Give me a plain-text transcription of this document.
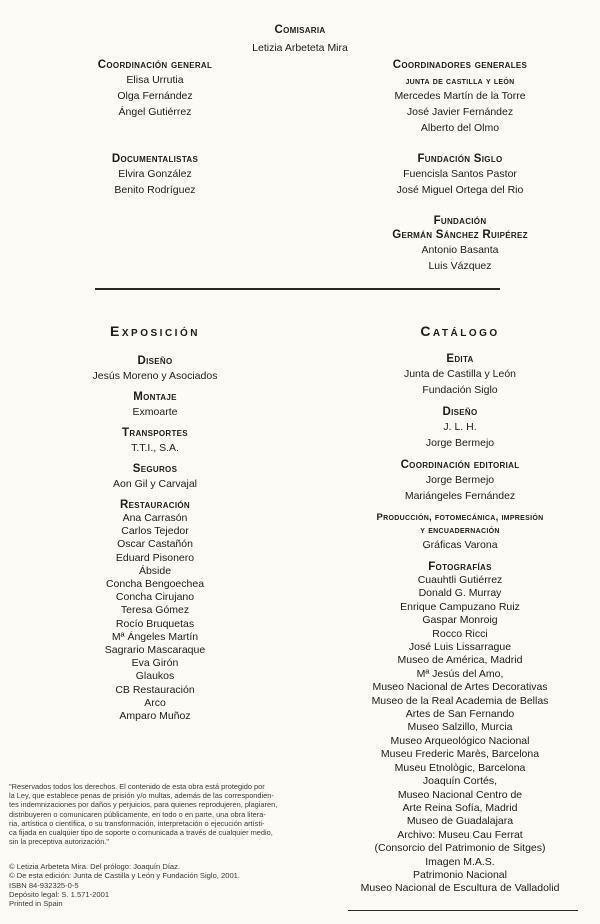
Comisaria
Letizia Arbeteta Mira
Coordinación general
Elisa Urrutia
Olga Fernández
Ángel Gutiérrez
Documentalistas
Elvira González
Benito Rodríguez
Coordinadores generales
junta de castilla y león
Mercedes Martín de la Torre
José Javier Fernández
Alberto del Olmo
Fundación Siglo
Fuencisla Santos Pastor
José Miguel Ortega del Rio
Fundación
Germán Sánchez Ruipérez
Antonio Basanta
Luis Vázquez
Exposición
Diseño
Jesús Moreno y Asociados
Montaje
Exmoarte
Transportes
T.T.I., S.A.
Seguros
Aon Gil y Carvajal
Restauración
Ana Carrasón
Carlos Tejedor
Oscar Castañón
Eduard Pisonero
Ábside
Concha Bengoechea
Concha Cirujano
Teresa Gómez
Rocío Bruquetas
Mª Ángeles Martín
Sagrario Mascaraque
Eva Girón
Glaukos
CB Restauración
Arco
Amparo Muñoz
Catálogo
Edita
Junta de Castilla y León
Fundación Siglo
Diseño
J. L. H.
Jorge Bermejo
Coordinación editorial
Jorge Bermejo
Mariángeles Fernández
Producción, fotomecánica, impresión
y encuadernación
Gráficas Varona
Fotografías
Cuauhtli Gutiérrez
Donald G. Murray
Enrique Campuzano Ruiz
Gaspar Monroig
Rocco Ricci
José Luis Lissarrague
Museo de América, Madrid
Mª Jesús del Amo,
Museo Nacional de Artes Decorativas
Museo de la Real Academia de Bellas
Artes de San Fernando
Museo Salzillo, Murcia
Museo Arqueológico Nacional
Museu Frederic Marès, Barcelona
Museu Etnològic, Barcelona
Joaquín Cortés,
Museo Nacional Centro de
Arte Reina Sofía, Madrid
Museo de Guadalajara
Archivo: Museu Cau Ferrat
(Consorcio del Patrimonio de Sitges)
Imagen M.A.S.
Patrimonio Nacional
Museo Nacional de Escultura de Valladolid

"Reservados todos los derechos. El contenido de esta obra está protegido por

la Ley, que establece penas de prisión y/o multas, además de las correspondien-

tes indemnizaciones por daños y perjuicios, para quienes reprodujeren, plagiaren,

distribuyeren o comunicaren públicamente, en todo o en parte, una obra litera-

ria, artística o científica, o su transformación, interpretación o ejecución artísti-

ca fijada en cualquier tipo de soporte o comunicada a través de cualquier medio,

sin la preceptiva autorización."

© Letizia Arbeteta Mira. Del prólogo: Joaquín Díaz.
© De esta edición: Junta de Castilla y León y Fundación Siglo, 2001.
ISBN 84-932325-0-5
Depósito legal: S. 1.571-2001
Printed in Spain
